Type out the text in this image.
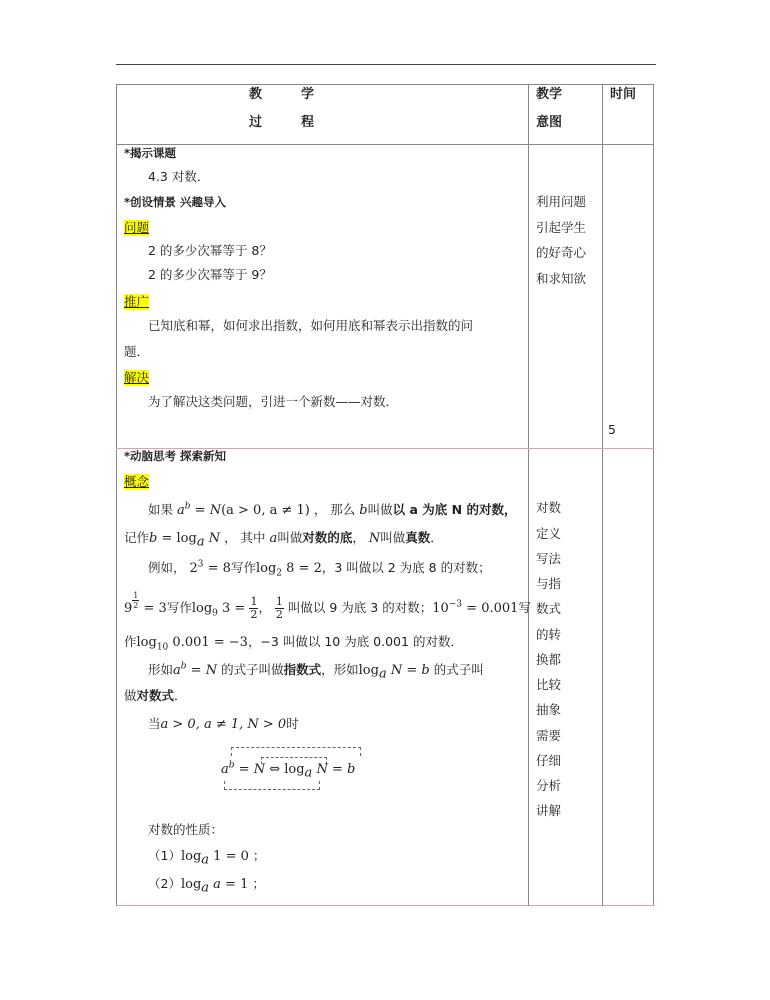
教	学
过	程
教学
意图
时间
*揭示课题
4.3 对数．
*创设情景 兴趣导入
问题
2 的多少次幂等于 8？
2 的多少次幂等于 9？
推广
已知底和幂，如何求出指数，如何用底和幂表示出指数的问
题．
解决
为了解决这类问题，引进一个新数——对数．
利用问题
引起学生
的好奇心
和求知欲
5
*动脑思考 探索新知
概念
如果 $a^b = N(a > 0$, a ≠ 1) ， 那么 b叫做以 a 为底 N 的对数，
记作$b = \log_a N$ ， 其中 a叫做对数的底， N叫做真数．
例如， $2^3 = 8$写作$\log_2 8 = 2$，3 叫做以 2 为底 8 的对数；
9 $^{\frac{1}{2}}$ = 3写作$\log_9 3 = \frac{1}{2}$ ， $\frac{1}{2}$ 叫做以 9 为底 3 的对数；$10^{-3} = 0.001$写
作$\log_{10} 0.001 = -3$，−3 叫做以 10 为底 0.001 的对数．
形如$a^b = N$ 的式子叫做指数式，形如$\log_a N = b$ 的式子叫
做对数式．
当a > 0, a ≠ 1, N > 0时
$a^b = N$ ⇔ $\log_a N = b$
对数的性质：
$(1)\log_a$ 1 = 0 ；
$(2)\log_a$ a = 1 ；
对数
定义
写法
与指
数式
的转
换都
比较
抽象
需要
仔细
分析
讲解
